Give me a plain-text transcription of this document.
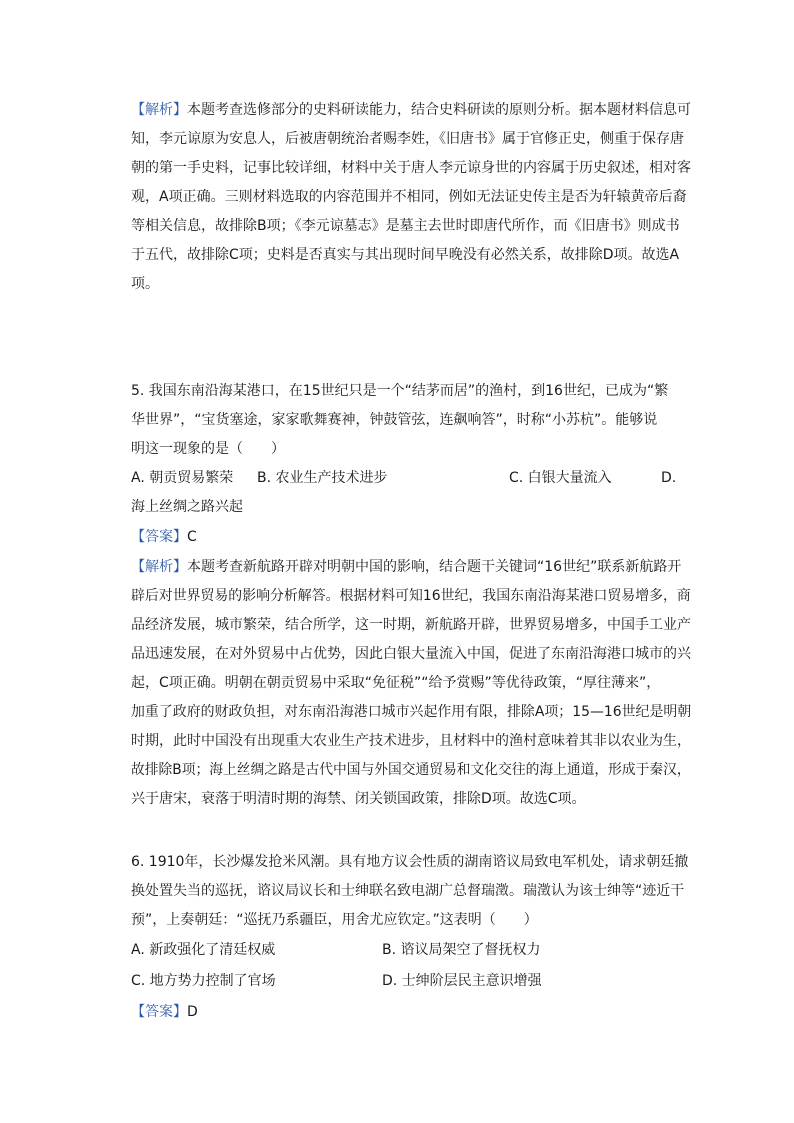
【解析】本题考查选修部分的史料研读能力，结合史料研读的原则分析。据本题材料信息可
知，李元谅原为安息人，后被唐朝统治者赐李姓，《旧唐书》属于官修正史，侧重于保存唐
朝的第一手史料，记事比较详细，材料中关于唐人李元谅身世的内容属于历史叙述，相对客
观，A项正确。三则材料选取的内容范围并不相同，例如无法证史传主是否为轩辕黄帝后裔
等相关信息，故排除B项；《李元谅墓志》是墓主去世时即唐代所作，而《旧唐书》则成书
于五代，故排除C项；史料是否真实与其出现时间早晚没有必然关系，故排除D项。故选A
项。
5. 我国东南沿海某港口，在15世纪只是一个“结茅而居”的渔村，到16世纪，已成为“繁
华世界”，“宝货塞途，家家歌舞赛神，钟鼓管弦，连飙响答”，时称“小苏杭”。能够说
明这一现象的是（　　）
A. 朝贡贸易繁荣 B. 农业生产技术进步	C. 白银大量流入	D.
海上丝绸之路兴起
【答案】C
【解析】本题考查新航路开辟对明朝中国的影响，结合题干关键词“16世纪”联系新航路开
辟后对世界贸易的影响分析解答。根据材料可知16世纪，我国东南沿海某港口贸易增多，商
品经济发展，城市繁荣，结合所学，这一时期，新航路开辟，世界贸易增多，中国手工业产
品迅速发展，在对外贸易中占优势，因此白银大量流入中国，促进了东南沿海港口城市的兴
起，C项正确。明朝在朝贡贸易中采取“免征税”“给予赏赐”等优待政策，“厚往薄来”，
加重了政府的财政负担，对东南沿海港口城市兴起作用有限，排除A项；15—16世纪是明朝
时期，此时中国没有出现重大农业生产技术进步，且材料中的渔村意味着其非以农业为生，
故排除B项；海上丝绸之路是古代中国与外国交通贸易和文化交往的海上通道，形成于秦汉，
兴于唐宋，衰落于明清时期的海禁、闭关锁国政策，排除D项。故选C项。
6. 1910年，长沙爆发抢米风潮。具有地方议会性质的湖南谘议局致电军机处，请求朝廷撤
换处置失当的巡抚，谘议局议长和士绅联名致电湖广总督瑞澂。瑞澂认为该士绅等“迹近干
预”，上奏朝廷：“巡抚乃系疆臣，用舍尤应钦定。”这表明（　　）
A. 新政强化了清廷权威	B. 谘议局架空了督抚权力
C. 地方势力控制了官场	D. 士绅阶层民主意识增强
【答案】D
